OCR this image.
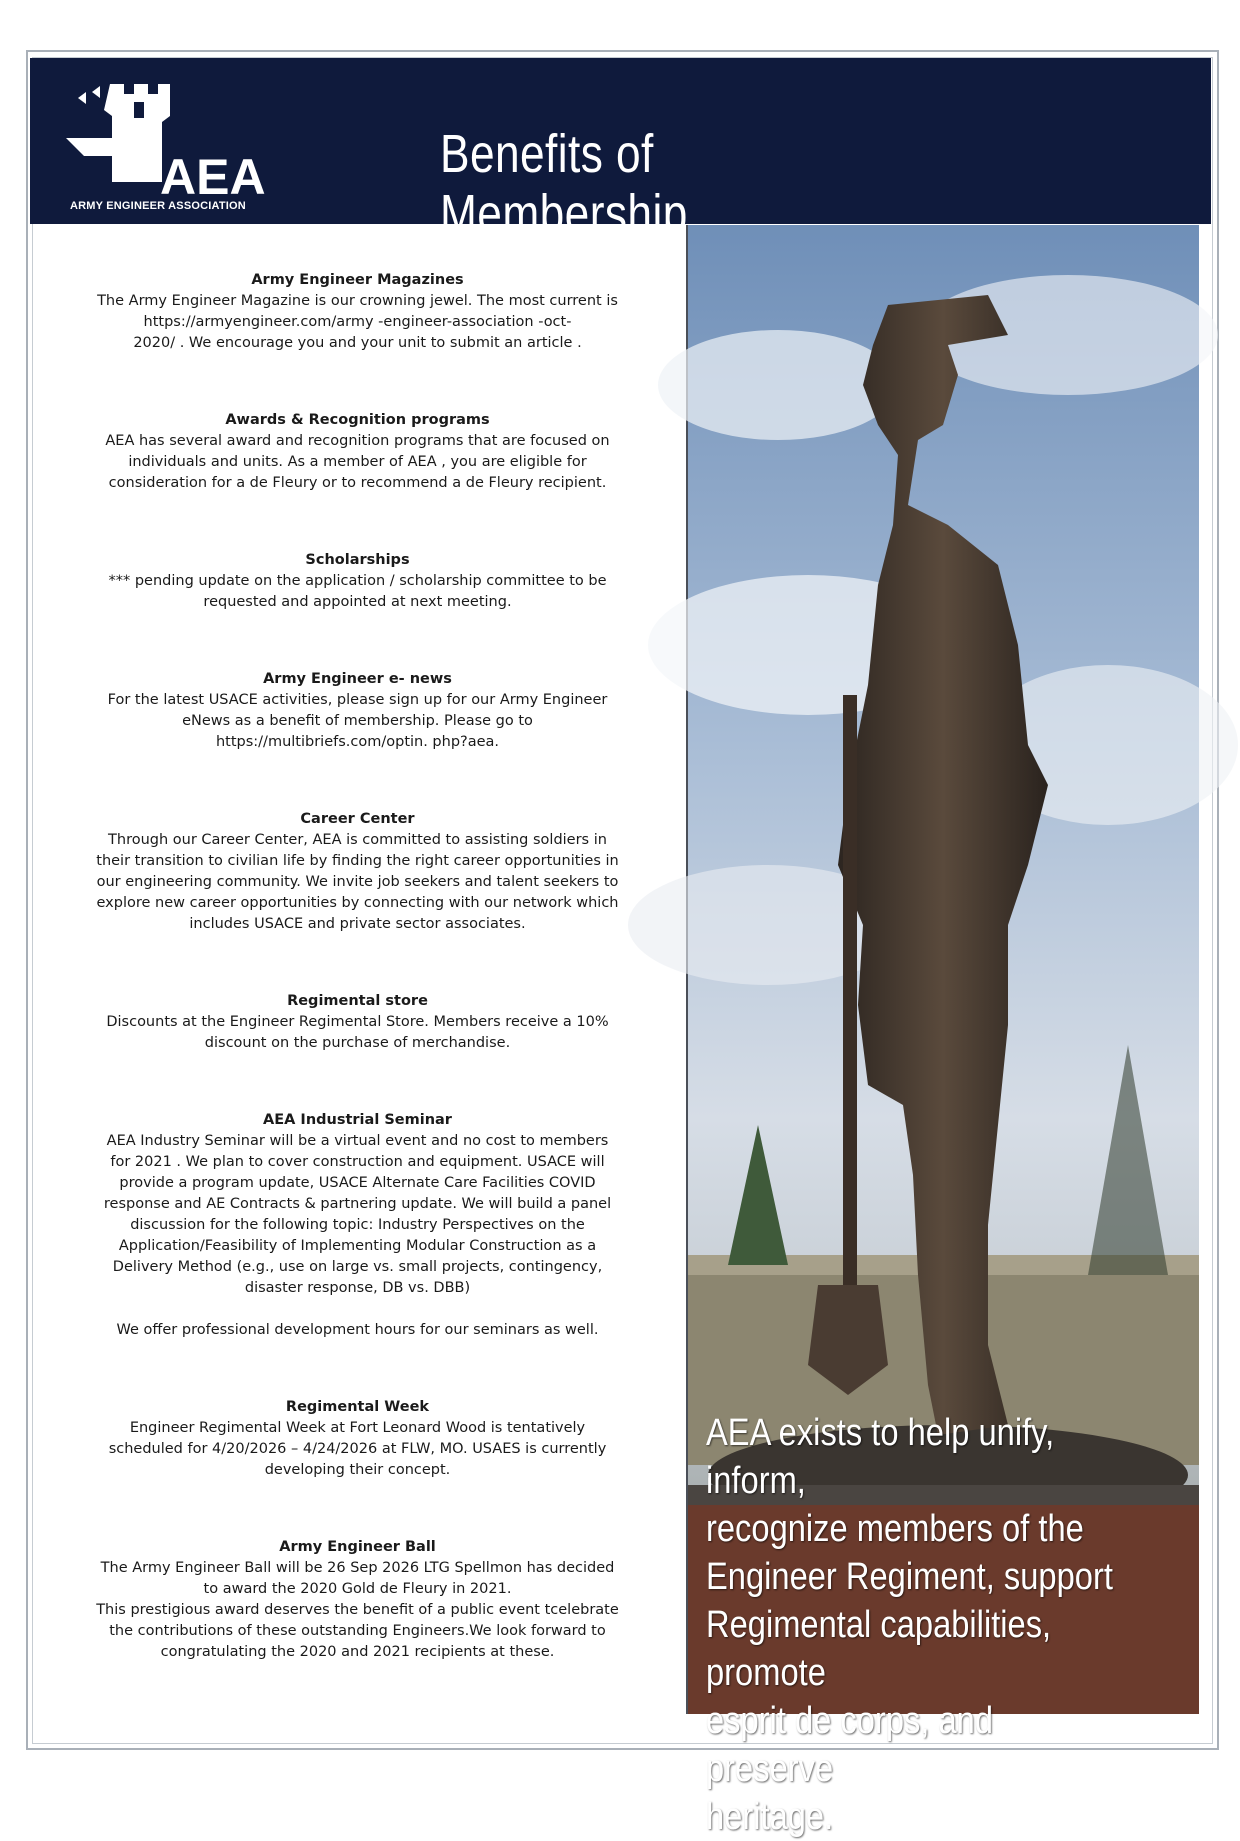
AEA
ARMY ENGINEER ASSOCIATION
Benefits of Membership
Army Engineer Magazines

The Army Engineer Magazine is our crowning jewel. The most current is

https://armyengineer.com/army -engineer-association -oct-

2020/ . We encourage you and your unit to submit an article .

Awards & Recognition programs

AEA has several award and recognition programs that are focused on

individuals and units. As a member of AEA , you are eligible for

consideration for a de Fleury or to recommend a de Fleury recipient.

Scholarships

*** pending update on the application / scholarship committee to be

requested and appointed at next meeting.

Army Engineer e- news

For the latest USACE activities, please sign up for our Army Engineer

eNews as a benefit of membership. Please go to

https://multibriefs.com/optin. php?aea.

Career Center

Through our Career Center, AEA is committed to assisting soldiers in

their transition to civilian life by finding the right career opportunities in

our engineering community. We invite job seekers and talent seekers to

explore new career opportunities by connecting with our network which

includes USACE and private sector associates.

Regimental store

Discounts at the Engineer Regimental Store. Members receive a 10%

discount on the purchase of merchandise.

AEA Industrial Seminar

AEA Industry Seminar will be a virtual event and no cost to members

for 2021 . We plan to cover construction and equipment. USACE will

provide a program update, USACE Alternate Care Facilities COVID

response and AE Contracts & partnering update. We will build a panel

discussion for the following topic: Industry Perspectives on the

Application/Feasibility of Implementing Modular Construction as a

Delivery Method (e.g., use on large vs. small projects, contingency,

disaster response, DB vs. DBB)

We offer professional development hours for our seminars as well.

Regimental Week

Engineer Regimental Week at Fort Leonard Wood is tentatively

scheduled for 4/20/2026 – 4/24/2026 at FLW, MO. USAES is currently

developing their concept.

Army Engineer Ball

The Army Engineer Ball will be 26 Sep 2026 LTG Spellmon has decided

to award the 2020 Gold de Fleury in 2021.

This prestigious award deserves the benefit of a public event tcelebrate

the contributions of these outstanding Engineers.We look forward to

congratulating the 2020 and 2021 recipients at these.

AEA exists to help unify, inform,
recognize members of the
Engineer Regiment, support
Regimental capabilities, promote
esprit de corps, and preserve
heritage.
